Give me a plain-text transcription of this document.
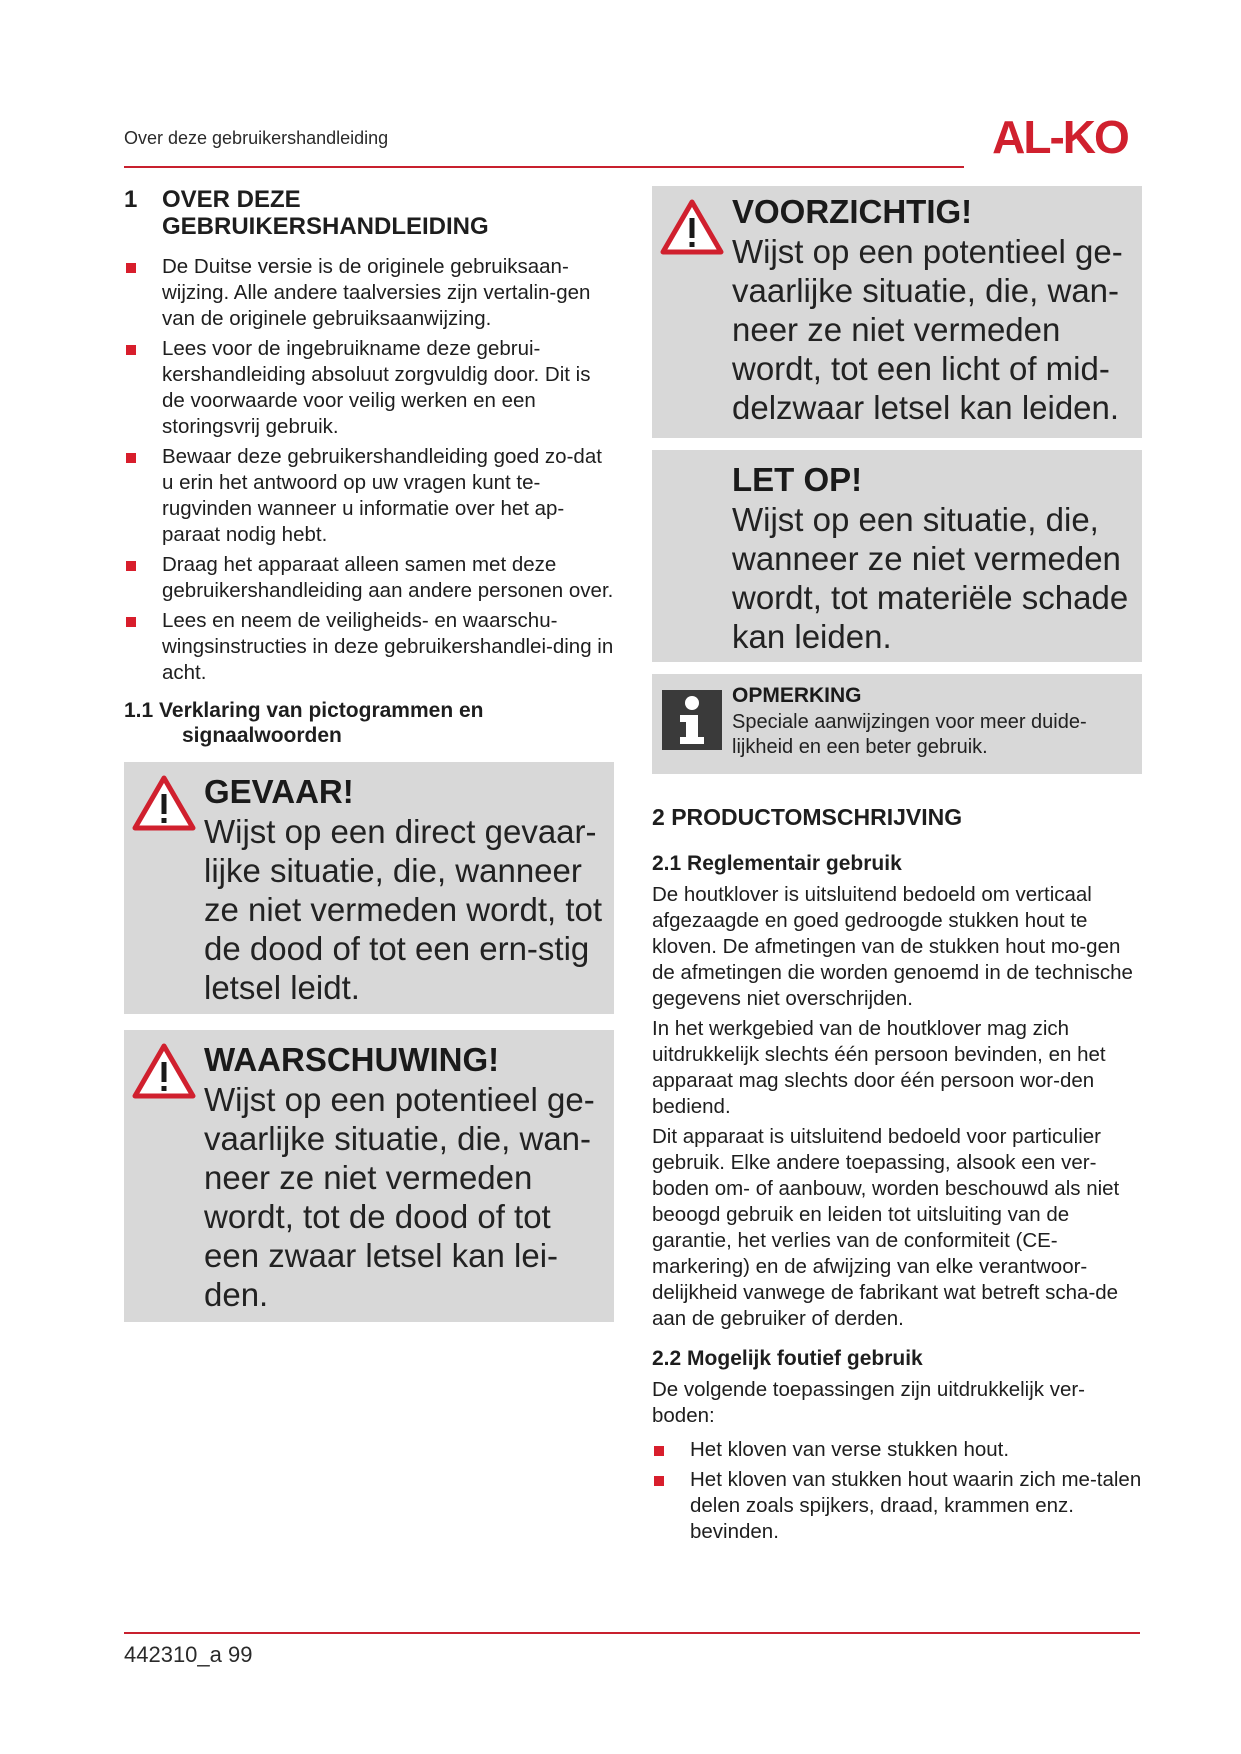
Over deze gebruikershandleiding	AL-KO
1 OVER DEZE
GEBRUIKERSHANDLEIDING
De Duitse versie is de originele gebruiksaan-wijzing. Alle andere taalversies zijn vertalin-gen van de originele gebruiksaanwijzing.
Lees voor de ingebruikname deze gebrui-kershandleiding absoluut zorgvuldig door. Dit is de voorwaarde voor veilig werken en een storingsvrij gebruik.
Bewaar deze gebruikershandleiding goed zo-dat u erin het antwoord op uw vragen kunt te-rugvinden wanneer u informatie over het ap-paraat nodig hebt.
Draag het apparaat alleen samen met deze gebruikershandleiding aan andere personen over.
Lees en neem de veiligheids- en waarschu-wingsinstructies in deze gebruikershandlei-ding in acht.
1.1 Verklaring van pictogrammen en
signaalwoorden
GEVAAR!
Wijst op een direct gevaar-lijke situatie, die, wanneer ze niet vermeden wordt, tot de dood of tot een ern-stig letsel leidt.
WAARSCHUWING!
Wijst op een potentieel ge-vaarlijke situatie, die, wan-neer ze niet vermeden wordt, tot de dood of tot een zwaar letsel kan lei-den.
VOORZICHTIG!
Wijst op een potentieel ge-vaarlijke situatie, die, wan-neer ze niet vermeden wordt, tot een licht of mid-delzwaar letsel kan leiden.
LET OP!
Wijst op een situatie, die, wanneer ze niet vermeden wordt, tot materiële schade kan leiden.
OPMERKING
Speciale aanwijzingen voor meer duide-lijkheid en een beter gebruik.
2 PRODUCTOMSCHRIJVING
2.1 Reglementair gebruik

De houtklover is uitsluitend bedoeld om verticaal afgezaagde en goed gedroogde stukken hout te kloven. De afmetingen van de stukken hout mo-gen de afmetingen die worden genoemd in de technische gegevens niet overschrijden.

In het werkgebied van de houtklover mag zich uitdrukkelijk slechts één persoon bevinden, en het apparaat mag slechts door één persoon wor-den bediend.

Dit apparaat is uitsluitend bedoeld voor particulier gebruik. Elke andere toepassing, alsook een ver-boden om- of aanbouw, worden beschouwd als niet beoogd gebruik en leiden tot uitsluiting van de garantie, het verlies van de conformiteit (CE-markering) en de afwijzing van elke verantwoor-delijkheid vanwege de fabrikant wat betreft scha-de aan de gebruiker of derden.

2.2 Mogelijk foutief gebruik

De volgende toepassingen zijn uitdrukkelijk ver-boden:

Het kloven van verse stukken hout.
Het kloven van stukken hout waarin zich me-talen delen zoals spijkers, draad, krammen enz. bevinden.
442310_a 99
